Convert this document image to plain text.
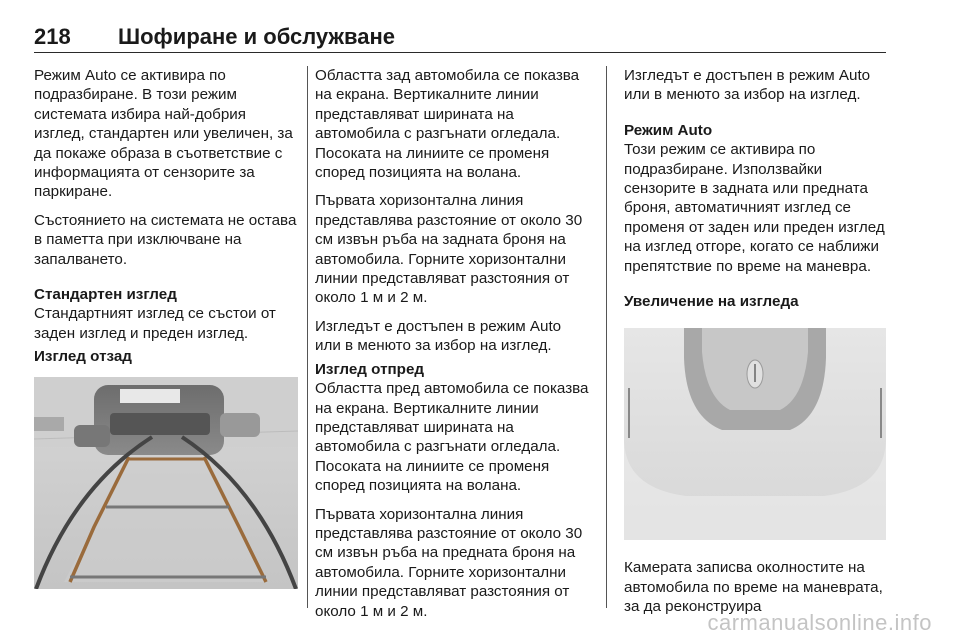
218 Шофиране и обслужване

Режим Auto се активира по подразбиране. В този режим системата избира най-добрия изглед, стандартен или увеличен, за да покаже образа в съответствие с информацията от сензорите за паркиране.

Състоянието на системата не остава в паметта при изключване на запалването.

Стандартен изглед

Стандартният изглед се състои от заден изглед и преден изглед.

Изглед отзад

Областта зад автомобила се показва на екрана. Вертикалните линии представляват ширината на автомобила с разгънати огледала. Посоката на линиите се променя според позицията на волана.

Първата хоризонтална линия представлява разстояние от около 30 см извън ръба на задната броня на автомобила. Горните хоризонтални линии представляват разстояния от около 1 м и 2 м.

Изгледът е достъпен в режим Auto или в менюто за избор на изглед.

Изглед отпред

Областта пред автомобила се показва на екрана. Вертикалните линии представляват ширината на автомобила с разгънати огледала. Посоката на линиите се променя според позицията на волана.

Първата хоризонтална линия представлява разстояние от около 30 см извън ръба на предната броня на автомобила. Горните хоризонтални линии представляват разстояния от около 1 м и 2 м.

Изгледът е достъпен в режим Auto или в менюто за избор на изглед.

Режим Auto

Този режим се активира по подразбиране. Използвайки сензорите в задната или предната броня, автоматичният изглед се променя от заден или преден изглед на изглед отгоре, когато се наближи препятствие по време на маневра.

Увеличение на изгледа

Камерата записва околностите на автомобила по време на маневрата, за да реконструира

carmanualsonline.info
